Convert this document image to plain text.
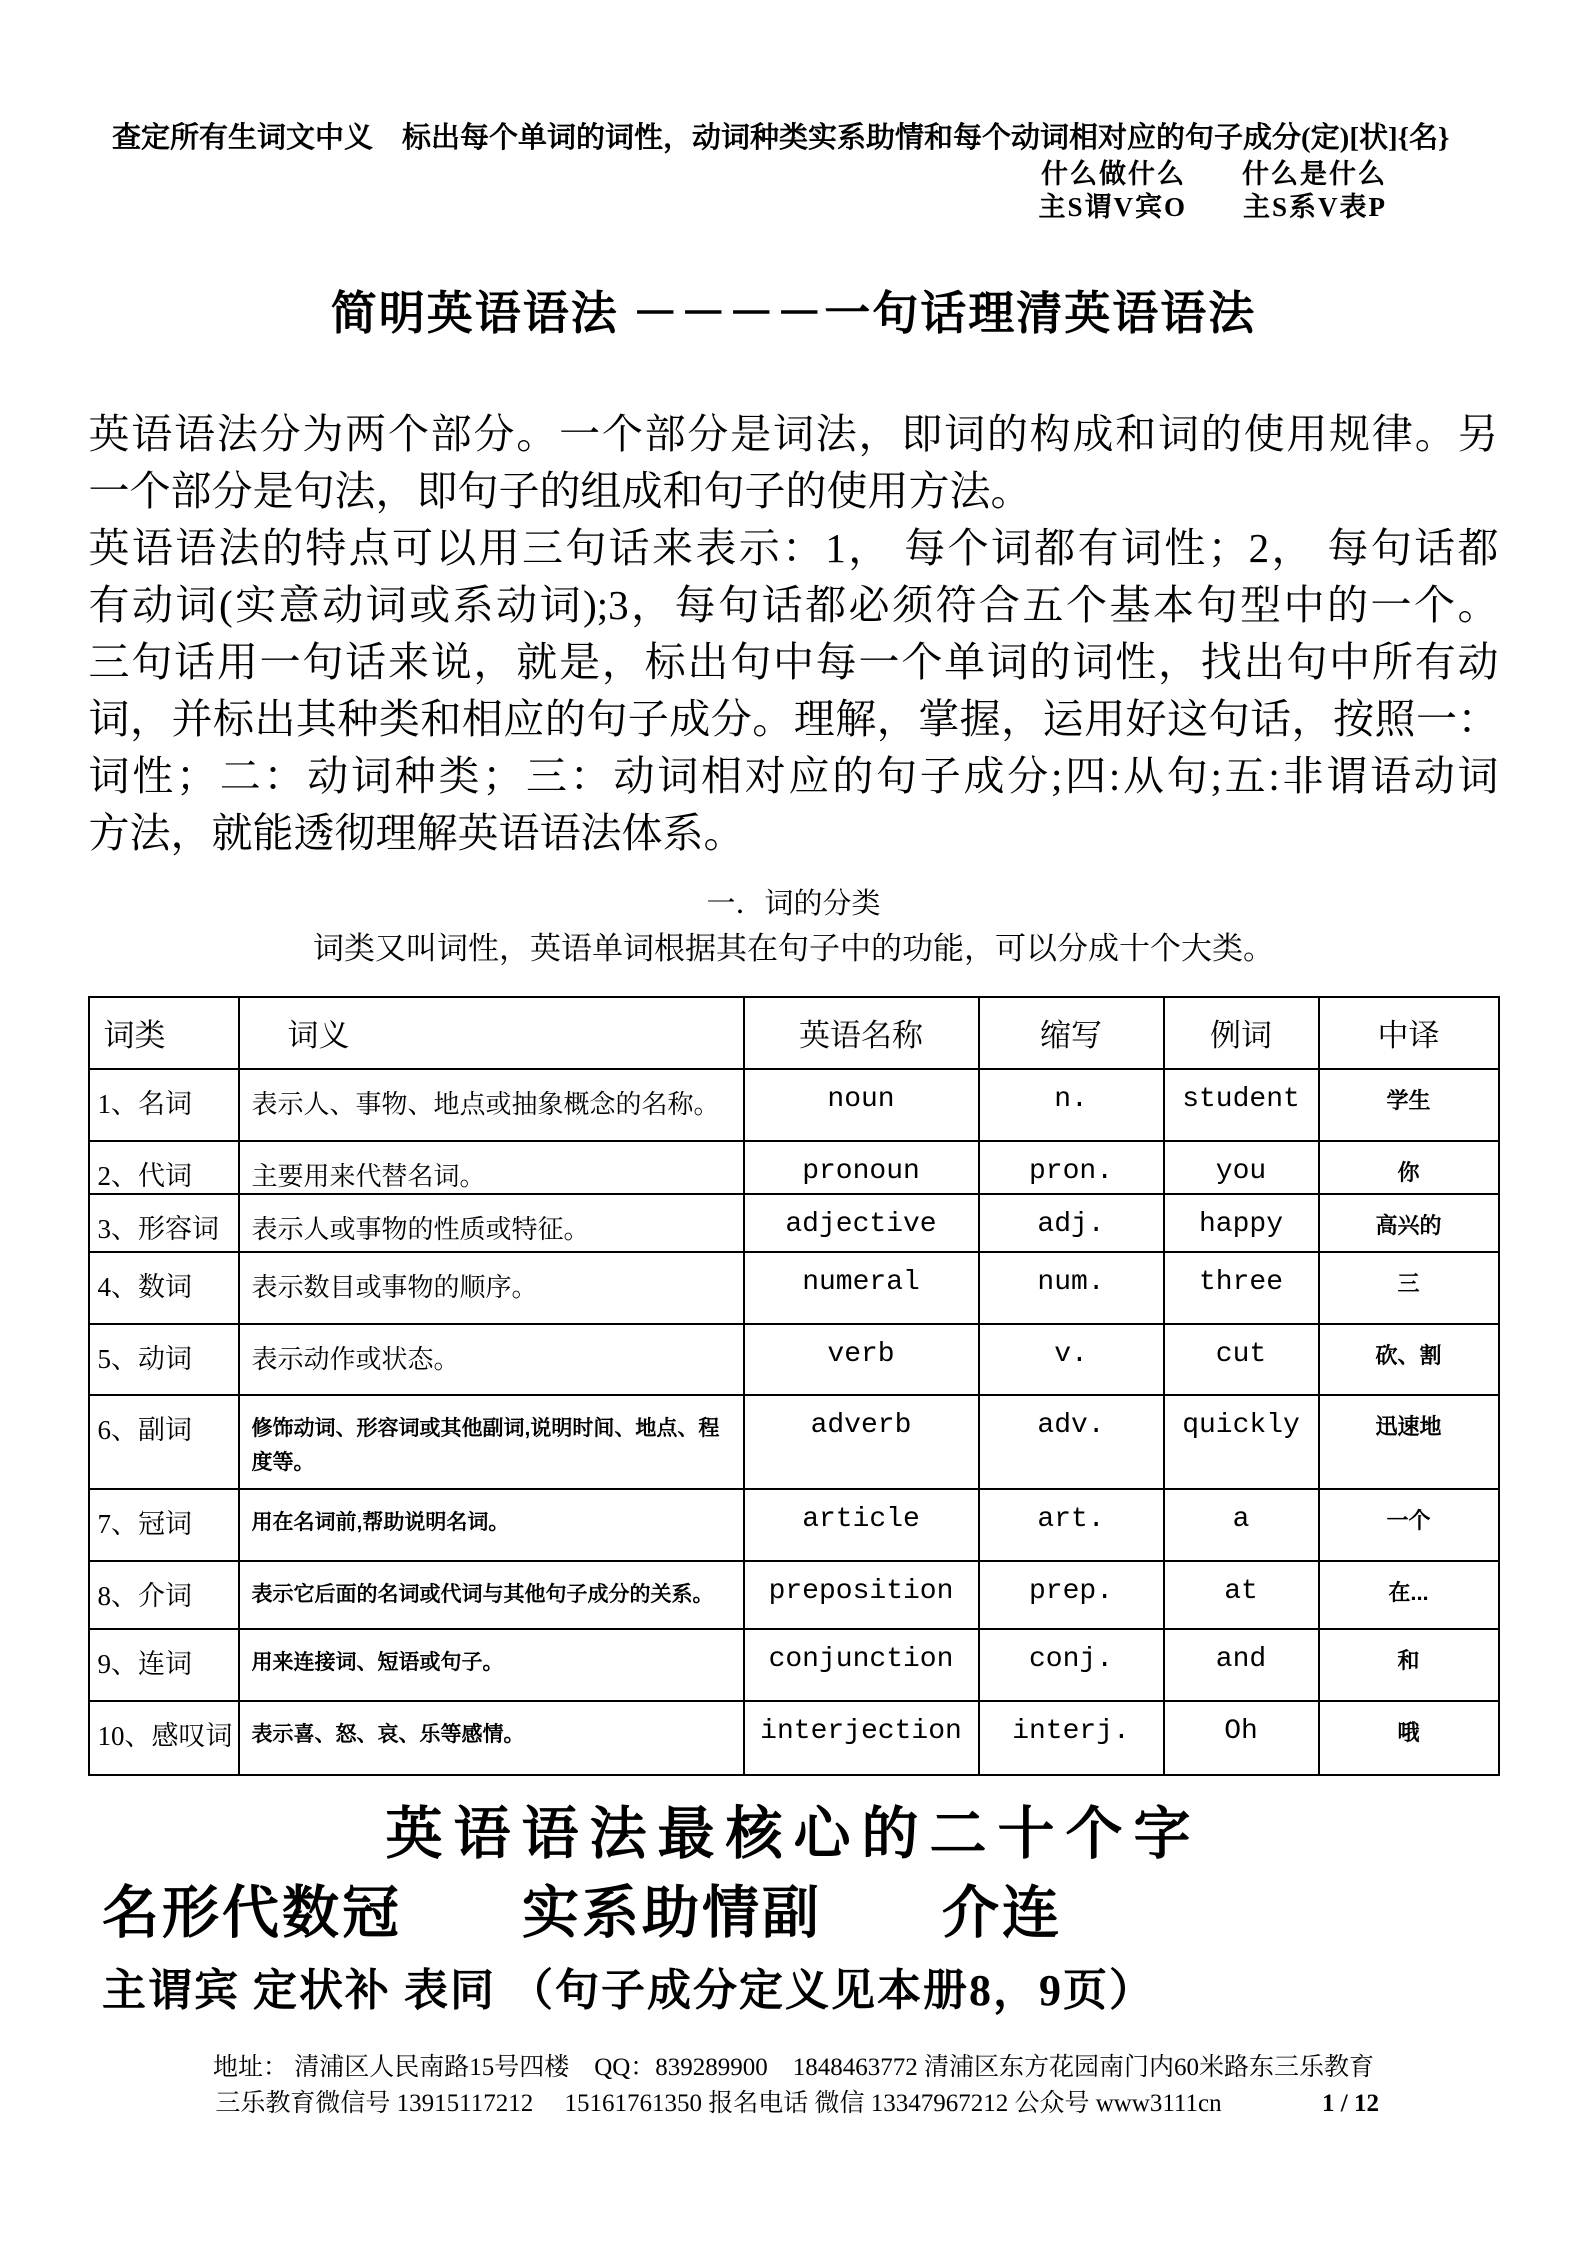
查定所有生词文中义　标出每个单词的词性，动词种类实系助情和每个动词相对应的句子成分(定)[状]{名}
什么做什么 什么是什么
主S谓V宾O 主S系V表P
简明英语语法 －－－－一句话理清英语语法
英语语法分为两个部分。一个部分是词法，即词的构成和词的使用规律。另
一个部分是句法，即句子的组成和句子的使用方法。
英语语法的特点可以用三句话来表示：1， 每个词都有词性；2， 每句话都
有动词(实意动词或系动词);3，每句话都必须符合五个基本句型中的一个。
三句话用一句话来说，就是，标出句中每一个单词的词性，找出句中所有动
词，并标出其种类和相应的句子成分。理解，掌握，运用好这句话，按照一：
词性；二：动词种类；三：动词相对应的句子成分;四:从句;五:非谓语动词
方法，就能透彻理解英语语法体系。
一．词的分类
词类又叫词性，英语单词根据其在句子中的功能，可以分成十个大类。
词类	词义	英语名称	缩写	例词	中译
1、名词	表示人、事物、地点或抽象概念的名称。	noun	n.	student	学生
2、代词	主要用来代替名词。	pronoun	pron.	you	你
3、形容词	表示人或事物的性质或特征。	adjective	adj.	happy	高兴的
4、数词	表示数目或事物的顺序。	numeral	num.	three	三
5、动词	表示动作或状态。	verb	v.	cut	砍、割
6、副词	修饰动词、形容词或其他副词,说明时间、地点、程度等。	adverb	adv.	quickly	迅速地
7、冠词	用在名词前,帮助说明名词。	article	art.	a	一个
8、介词	表示它后面的名词或代词与其他句子成分的关系。	preposition	prep.	at	在...
9、连词	用来连接词、短语或句子。	conjunction	conj.	and	和
10、感叹词	表示喜、怒、哀、乐等感情。	interjection	interj.	Oh	哦
英语语法最核心的二十个字
名形代数冠　　实系助情副　　介连
主谓宾 定状补 表同 （句子成分定义见本册8，9页）
地址： 清浦区人民南路15号四楼　QQ：839289900　1848463772 清浦区东方花园南门内60米路东三乐教育
三乐教育微信号 13915117212　 15161761350 报名电话 微信 13347967212 公众号 www3111cn	1 / 12
